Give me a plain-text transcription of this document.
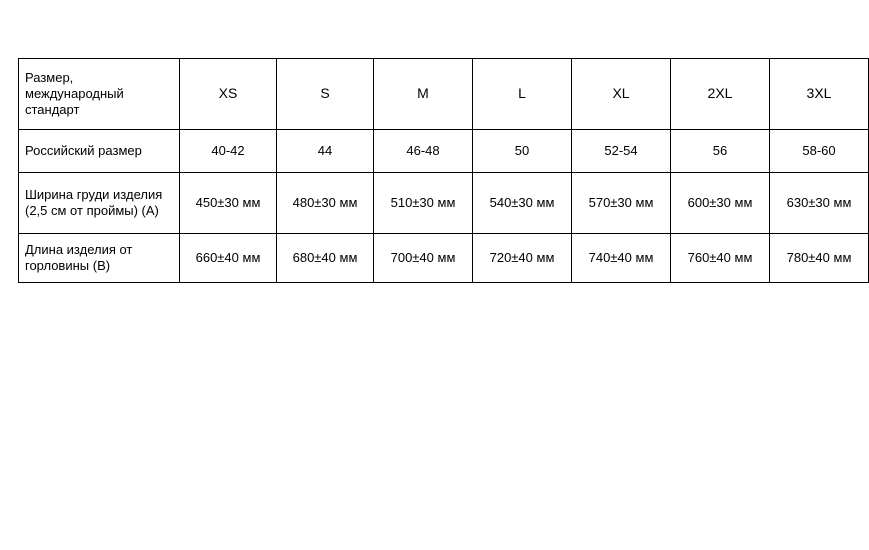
Размер, международный стандарт	XS	S	M	L	XL	2XL	3XL
Российский размер	40-42	44	46-48	50	52-54	56	58-60
Ширина груди изделия (2,5 см от проймы) (А)	450±30 мм	480±30 мм	510±30 мм	540±30 мм	570±30 мм	600±30 мм	630±30 мм
Длина изделия от горловины (В)	660±40 мм	680±40 мм	700±40 мм	720±40 мм	740±40 мм	760±40 мм	780±40 мм
